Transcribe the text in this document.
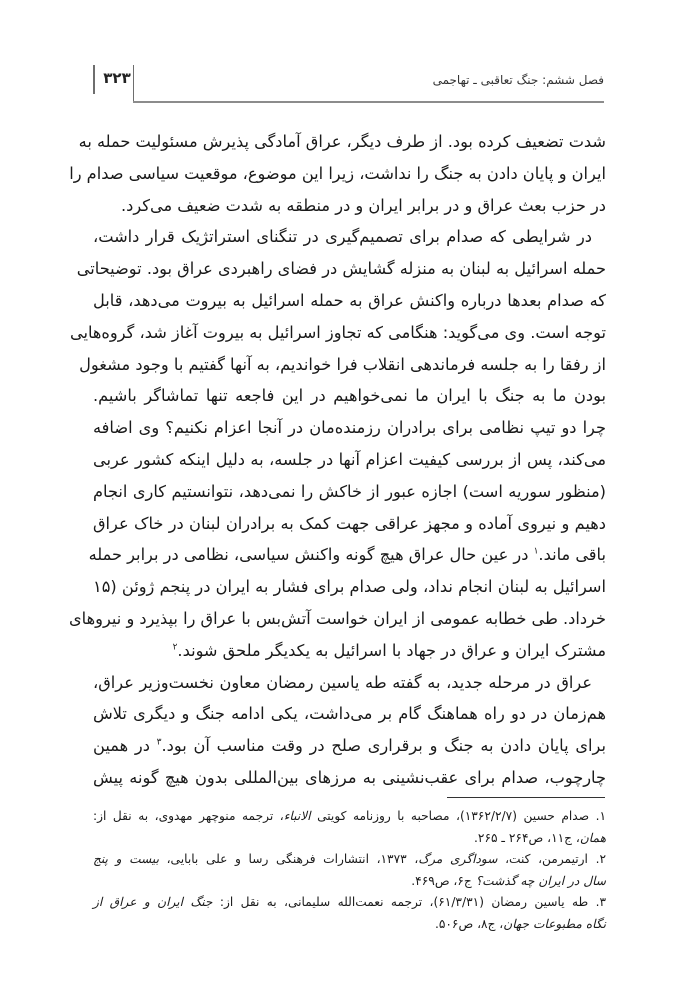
۳۲۳	فصل ششم: جنگ تعاقبی ـ تهاجمی
شدت تضعیف کرده بود. از طرف دیگر، عراق آمادگی پذیرش مسئولیت حمله به
ایران و پایان دادن به جنگ را نداشت، زیرا این موضوع، موقعیت سیاسی صدام را
در حزب بعث عراق و در برابر ایران و در منطقه به شدت ضعیف می‌کرد.
در شرایطی که صدام برای تصمیم‌گیری در تنگنای استراتژیک قرار داشت،
حمله اسرائیل به لبنان به منزله گشایش در فضای راهبردی عراق بود. توضیحاتی
که صدام بعدها درباره واکنش عراق به حمله اسرائیل به بیروت می‌دهد، قابل
توجه است. وی می‌گوید: هنگامی که تجاوز اسرائیل به بیروت آغاز شد، گروه‌هایی
از رفقا را به جلسه فرماندهی انقلاب فرا خواندیم، به آنها گفتیم با وجود مشغول
بودن ما به جنگ با ایران ما نمی‌خواهیم در این فاجعه تنها تماشاگر باشیم.
چرا دو تیپ نظامی برای برادران رزمنده‌مان در آنجا اعزام نکنیم؟ وی اضافه
می‌کند، پس از بررسی کیفیت اعزام آنها در جلسه، به دلیل اینکه کشور عربی
(منظور سوریه است) اجازه عبور از خاکش را نمی‌دهد، نتوانستیم کاری انجام
دهیم و نیروی آماده و مجهز عراقی جهت کمک به برادران لبنان در خاک عراق
باقی ماند.$^۱$ در عین حال عراق هیچ گونه واکنش سیاسی، نظامی در برابر حمله
اسرائیل به لبنان انجام نداد، ولی صدام برای فشار به ایران در پنجم ژوئن (۱۵
خرداد. طی خطابه عمومی از ایران خواست آتش‌بس با عراق را بپذیرد و نیروهای
مشترک ایران و عراق در جهاد با اسرائیل به یکدیگر ملحق شوند.$^۲$
عراق در مرحله جدید، به گفته طه یاسین رمضان معاون نخست‌وزیر عراق،
هم‌زمان در دو راه هماهنگ گام بر می‌داشت، یکی ادامه جنگ و دیگری تلاش
برای پایان دادن به جنگ و برقراری صلح در وقت مناسب آن بود.$^۳$ در همین
چارچوب، صدام برای عقب‌نشینی به مرزهای بین‌المللی بدون هیچ گونه پیش
۱. صدام حسین (۱۳۶۲/۲/۷)، مصاحبه با روزنامه کویتی الانباء، ترجمه منوچهر مهدوی، به نقل از:
همان، ج۱۱، ص۲۶۴ ـ ۲۶۵.
۲. ارتیمرمن، کنت، سوداگری مرگ، ۱۳۷۳، انتشارات فرهنگی رسا و علی بابایی، بیست و پنج
سال در ایران چه گذشت؟ ج۶، ص۴۶۹.
۳. طه یاسین رمضان (۶۱/۳/۳۱)، ترجمه نعمت‌الله سلیمانی، به نقل از: جنگ ایران و عراق از
نگاه مطبوعات جهان، ج۸، ص۵۰۶.
